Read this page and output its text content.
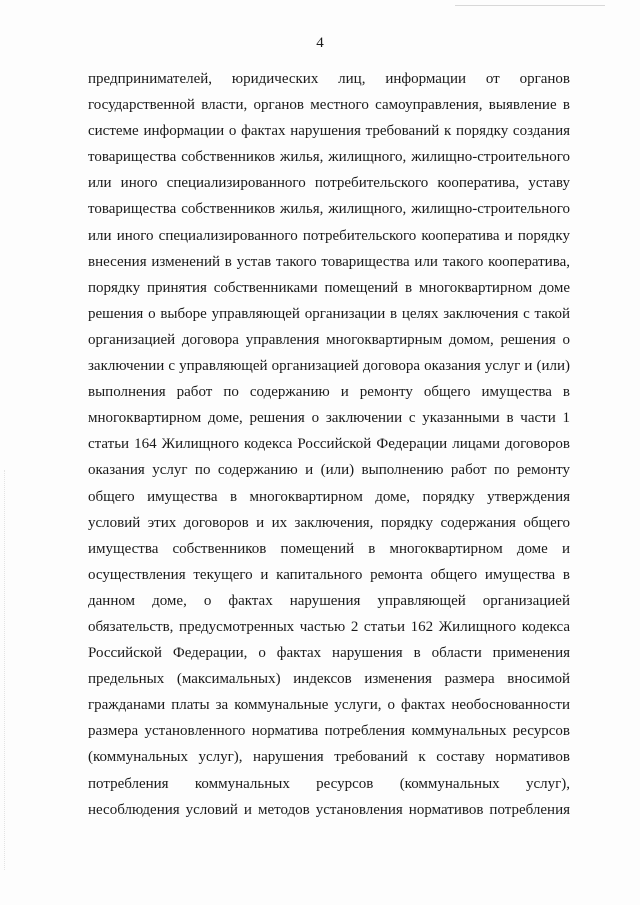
4
предпринимателей, юридических лиц, информации от органов
государственной власти, органов местного самоуправления, выявление в
системе информации о фактах нарушения требований к порядку создания
товарищества собственников жилья, жилищного, жилищно-строительного
или иного специализированного потребительского кооператива, уставу
товарищества собственников жилья, жилищного, жилищно-строительного
или иного специализированного потребительского кооператива и порядку
внесения изменений в устав такого товарищества или такого кооператива,
порядку принятия собственниками помещений в многоквартирном доме
решения о выборе управляющей организации в целях заключения с такой
организацией договора управления многоквартирным домом, решения о
заключении с управляющей организацией договора оказания услуг и (или)
выполнения работ по содержанию и ремонту общего имущества в
многоквартирном доме, решения о заключении с указанными в части 1
статьи 164 Жилищного кодекса Российской Федерации лицами договоров
оказания услуг по содержанию и (или) выполнению работ по ремонту
общего имущества в многоквартирном доме, порядку утверждения
условий этих договоров и их заключения, порядку содержания общего
имущества собственников помещений в многоквартирном доме и
осуществления текущего и капитального ремонта общего имущества в
данном доме, о фактах нарушения управляющей организацией
обязательств, предусмотренных частью 2 статьи 162 Жилищного кодекса
Российской Федерации, о фактах нарушения в области применения
предельных (максимальных) индексов изменения размера вносимой
гражданами платы за коммунальные услуги, о фактах необоснованности
размера установленного норматива потребления коммунальных ресурсов
(коммунальных услуг), нарушения требований к составу нормативов
потребления коммунальных ресурсов (коммунальных услуг),
несоблюдения условий и методов установления нормативов потребления
